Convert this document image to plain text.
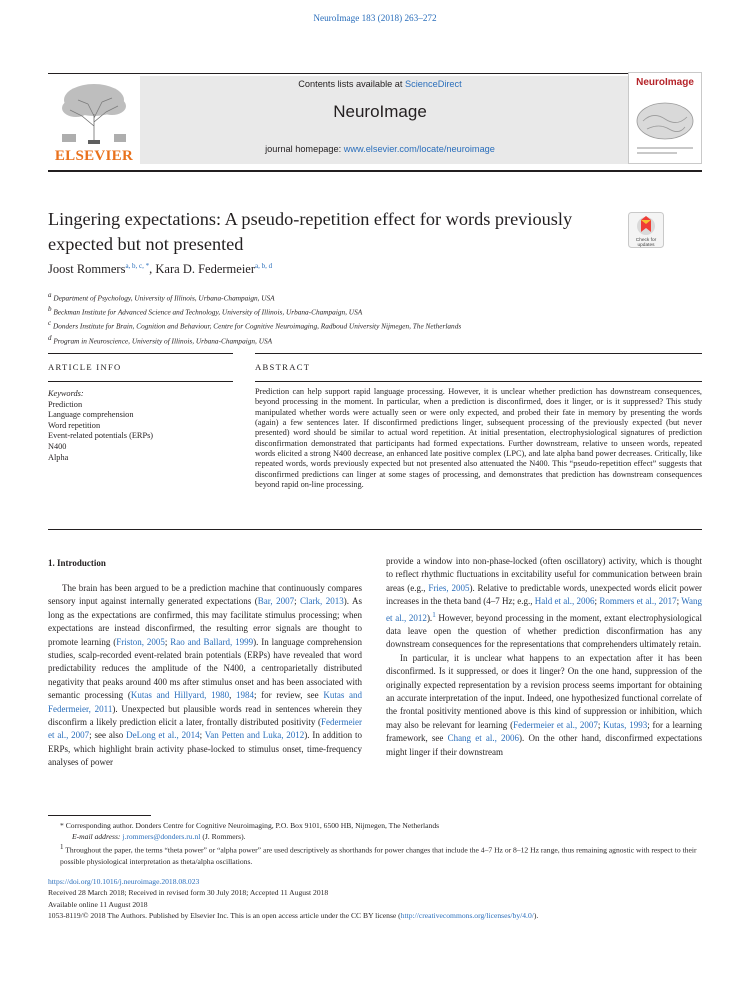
NeuroImage 183 (2018) 263–272
ELSEVIER
Contents lists available at ScienceDirect
NeuroImage
journal homepage: www.elsevier.com/locate/neuroimage
NeuroImage
Lingering expectations: A pseudo-repetition effect for words previously
expected but not presented	Check for
updates
Joost Rommers$^{a, b, c, *}$, Kara D. Federmeier$^{a, b, d}$
$^a$ Department of Psychology, University of Illinois, Urbana-Champaign, USA
$^b$ Beckman Institute for Advanced Science and Technology, University of Illinois, Urbana-Champaign, USA
$^c$ Donders Institute for Brain, Cognition and Behaviour, Centre for Cognitive Neuroimaging, Radboud University Nijmegen, The Netherlands
$^d$ Program in Neuroscience, University of Illinois, Urbana-Champaign, USA
ARTICLE INFO	ABSTRACT
Keywords:
Prediction
Language comprehension
Word repetition
Event-related potentials (ERPs)
N400
Alpha
Prediction can help support rapid language processing. However, it is unclear whether prediction has downstream consequences, beyond processing in the moment. In particular, when a prediction is disconfirmed, does it linger, or is it suppressed? This study manipulated whether words were actually seen or were only expected, and probed their fate in memory by presenting the words (again) a few sentences later. If disconfirmed predictions linger, subsequent processing of the previously expected (but never presented) word should be similar to actual word repetition. At initial presentation, electrophysiological signatures of prediction disconfirmation demonstrated that participants had formed expectations. Further downstream, relative to unseen words, repeated words elicited a strong N400 decrease, an enhanced late positive complex (LPC), and late alpha band power decreases. Critically, like repeated words, words previously expected but not presented also attenuated the N400. This “pseudo-repetition effect” suggests that disconfirmed predictions can linger at some stages of processing, and demonstrates that prediction has downstream consequences beyond rapid on-line processing.
1. Introduction

The brain has been argued to be a prediction machine that continuously compares sensory input against internally generated expectations (Bar, 2007; Clark, 2013). As long as the expectations are confirmed, this may facilitate stimulus processing; when expectations are instead disconfirmed, the resulting error signals are thought to promote learning (Friston, 2005; Rao and Ballard, 1999). In language comprehension studies, scalp-recorded event-related brain potentials (ERPs) have revealed that word predictability reduces the amplitude of the N400, a centroparietally distributed negativity that peaks around 400 ms after stimulus onset and has been associated with semantic processing (Kutas and Hillyard, 1980, 1984; for review, see Kutas and Federmeier, 2011). Unexpected but plausible words read in sentences wherein they disconfirm a likely prediction elicit a later, frontally distributed positivity (Federmeier et al., 2007; see also DeLong et al., 2014; Van Petten and Luka, 2012). In addition to ERPs, which highlight brain activity phase-locked to stimulus onset, time-frequency analyses of power

provide a window into non-phase-locked (often oscillatory) activity, which is thought to reflect rhythmic fluctuations in excitability useful for communication between brain areas (e.g., Fries, 2005). Relative to predictable words, unexpected words elicit power increases in the theta band (4–7 Hz; e.g., Hald et al., 2006; Rommers et al., 2017; Wang et al., 2012).$^1$ However, beyond processing in the moment, extant electrophysiological data leave open the question of whether prediction disconfirmation has any downstream consequences for the representations that comprehenders ultimately retain.

In particular, it is unclear what happens to an expectation after it has been disconfirmed. Is it suppressed, or does it linger? On the one hand, suppression of the originally expected representation by a revision process seems important for obtaining an accurate interpretation of the input. Indeed, one hypothesized functional correlate of the frontal positivity mentioned above is this kind of suppression or inhibition, which may also be relevant for learning (Federmeier et al., 2007; Kutas, 1993; for a learning framework, see Chang et al., 2006). On the other hand, disconfirmed expectations might linger if their downstream

* Corresponding author. Donders Centre for Cognitive Neuroimaging, P.O. Box 9101, 6500 HB, Nijmegen, The Netherlands
E-mail address: j.rommers@donders.ru.nl (J. Rommers).
$^1$ Throughout the paper, the terms “theta power” or “alpha power” are used descriptively as shorthands for power changes that include the 4–7 Hz or 8–12 Hz range, thus remaining agnostic with respect to their possible physiological interpretation as theta/alpha oscillations.
https://doi.org/10.1016/j.neuroimage.2018.08.023
Received 28 March 2018; Received in revised form 30 July 2018; Accepted 11 August 2018
Available online 11 August 2018
1053-8119/© 2018 The Authors. Published by Elsevier Inc. This is an open access article under the CC BY license (http://creativecommons.org/licenses/by/4.0/).
